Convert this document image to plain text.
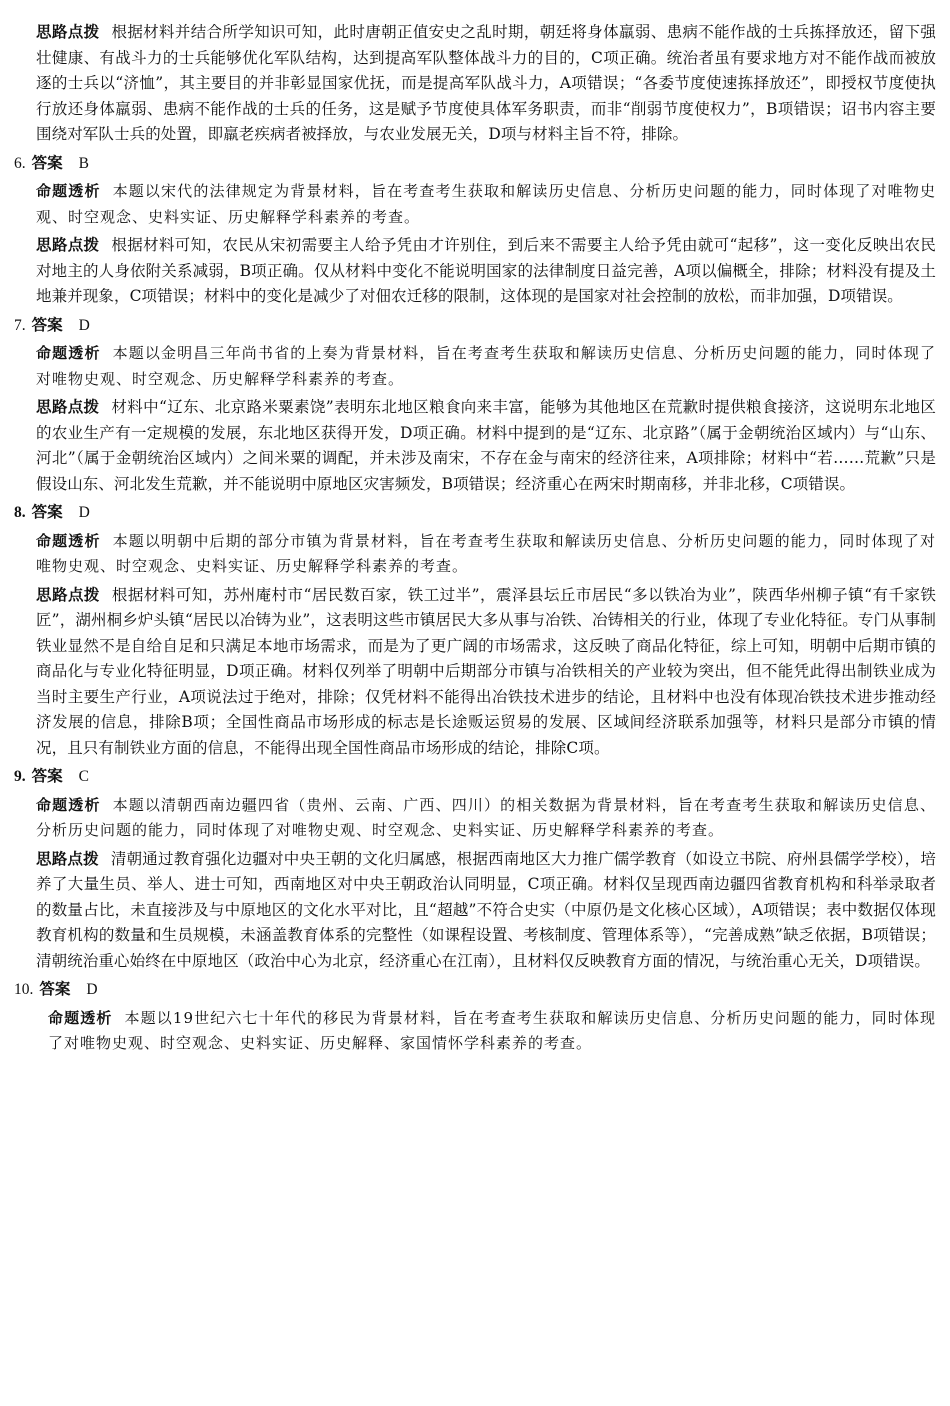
思路点拨 根据材料并结合所学知识可知，此时唐朝正值安史之乱时期，朝廷将身体羸弱、患病不能作战的士兵拣择放还，留下强壮健康、有战斗力的士兵能够优化军队结构，达到提高军队整体战斗力的目的，C项正确。统治者虽有要求地方对不能作战而被放逐的士兵以“济恤”，其主要目的并非彰显国家优抚，而是提高军队战斗力，A项错误；“各委节度使速拣择放还”，即授权节度使执行放还身体羸弱、患病不能作战的士兵的任务，这是赋予节度使具体军务职责，而非“削弱节度使权力”，B项错误；诏书内容主要围绕对军队士兵的处置，即羸老疾病者被择放，与农业发展无关，D项与材料主旨不符，排除。

6. 答案 B

命题透析 本题以宋代的法律规定为背景材料，旨在考查考生获取和解读历史信息、分析历史问题的能力，同时体现了对唯物史观、时空观念、史料实证、历史解释学科素养的考查。

思路点拨 根据材料可知，农民从宋初需要主人给予凭由才许别住，到后来不需要主人给予凭由就可“起移”，这一变化反映出农民对地主的人身依附关系减弱，B项正确。仅从材料中变化不能说明国家的法律制度日益完善，A项以偏概全，排除；材料没有提及土地兼并现象，C项错误；材料中的变化是减少了对佃农迁移的限制，这体现的是国家对社会控制的放松，而非加强，D项错误。

7. 答案 D

命题透析 本题以金明昌三年尚书省的上奏为背景材料，旨在考查考生获取和解读历史信息、分析历史问题的能力，同时体现了对唯物史观、时空观念、历史解释学科素养的考查。

思路点拨 材料中“辽东、北京路米粟素饶”表明东北地区粮食向来丰富，能够为其他地区在荒歉时提供粮食接济，这说明东北地区的农业生产有一定规模的发展，东北地区获得开发，D项正确。材料中提到的是“辽东、北京路”（属于金朝统治区域内）与“山东、河北”（属于金朝统治区域内）之间米粟的调配，并未涉及南宋，不存在金与南宋的经济往来，A项排除；材料中“若……荒歉”只是假设山东、河北发生荒歉，并不能说明中原地区灾害频发，B项错误；经济重心在两宋时期南移，并非北移，C项错误。

8. 答案 D

命题透析 本题以明朝中后期的部分市镇为背景材料，旨在考查考生获取和解读历史信息、分析历史问题的能力，同时体现了对唯物史观、时空观念、史料实证、历史解释学科素养的考查。

思路点拨 根据材料可知，苏州庵村市“居民数百家，铁工过半”，震泽县坛丘市居民“多以铁冶为业”，陕西华州柳子镇“有千家铁匠”，湖州桐乡炉头镇“居民以冶铸为业”，这表明这些市镇居民大多从事与冶铁、冶铸相关的行业，体现了专业化特征。专门从事制铁业显然不是自给自足和只满足本地市场需求，而是为了更广阔的市场需求，这反映了商品化特征，综上可知，明朝中后期市镇的商品化与专业化特征明显，D项正确。材料仅列举了明朝中后期部分市镇与冶铁相关的产业较为突出，但不能凭此得出制铁业成为当时主要生产行业，A项说法过于绝对，排除；仅凭材料不能得出冶铁技术进步的结论，且材料中也没有体现冶铁技术进步推动经济发展的信息，排除B项；全国性商品市场形成的标志是长途贩运贸易的发展、区域间经济联系加强等，材料只是部分市镇的情况，且只有制铁业方面的信息，不能得出现全国性商品市场形成的结论，排除C项。

9. 答案 C

命题透析 本题以清朝西南边疆四省（贵州、云南、广西、四川）的相关数据为背景材料，旨在考查考生获取和解读历史信息、分析历史问题的能力，同时体现了对唯物史观、时空观念、史料实证、历史解释学科素养的考查。

思路点拨 清朝通过教育强化边疆对中央王朝的文化归属感，根据西南地区大力推广儒学教育（如设立书院、府州县儒学学校），培养了大量生员、举人、进士可知，西南地区对中央王朝政治认同明显，C项正确。材料仅呈现西南边疆四省教育机构和科举录取者的数量占比，未直接涉及与中原地区的文化水平对比，且“超越”不符合史实（中原仍是文化核心区域），A项错误；表中数据仅体现教育机构的数量和生员规模，未涵盖教育体系的完整性（如课程设置、考核制度、管理体系等），“完善成熟”缺乏依据，B项错误；清朝统治重心始终在中原地区（政治中心为北京，经济重心在江南），且材料仅反映教育方面的情况，与统治重心无关，D项错误。

10. 答案 D

命题透析 本题以19世纪六七十年代的移民为背景材料，旨在考查考生获取和解读历史信息、分析历史问题的能力，同时体现了对唯物史观、时空观念、史料实证、历史解释、家国情怀学科素养的考查。
